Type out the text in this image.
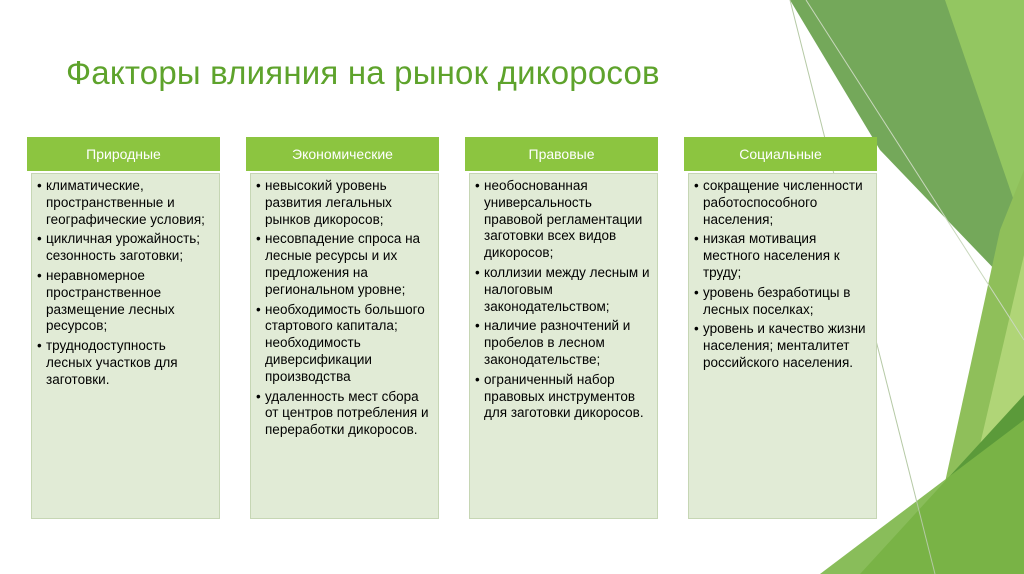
Факторы влияния на рынок дикоросов
Природные
• климатические, пространственные и географические условия;
• цикличная урожайность; сезонность заготовки;
• неравномерное пространственное размещение лесных ресурсов;
• труднодоступность лесных участков для заготовки.
Экономические
• невысокий уровень развития легальных рынков дикоросов;
• несовпадение спроса на лесные ресурсы и их предложения на региональном уровне;
• необходимость большого стартового капитала; необходимость диверсификации производства
• удаленность мест сбора от центров потребления и переработки дикоросов.
Правовые
• необоснованная универсальность правовой регламентации заготовки всех видов дикоросов;
• коллизии между лесным и налоговым законодательством;
• наличие разночтений и пробелов в лесном законодательстве;
• ограниченный набор правовых инструментов для заготовки дикоросов.
Социальные
• сокращение численности работоспособного населения;
• низкая мотивация местного населения к труду;
• уровень безработицы в лесных поселках;
• уровень и качество жизни населения; менталитет российского населения.
